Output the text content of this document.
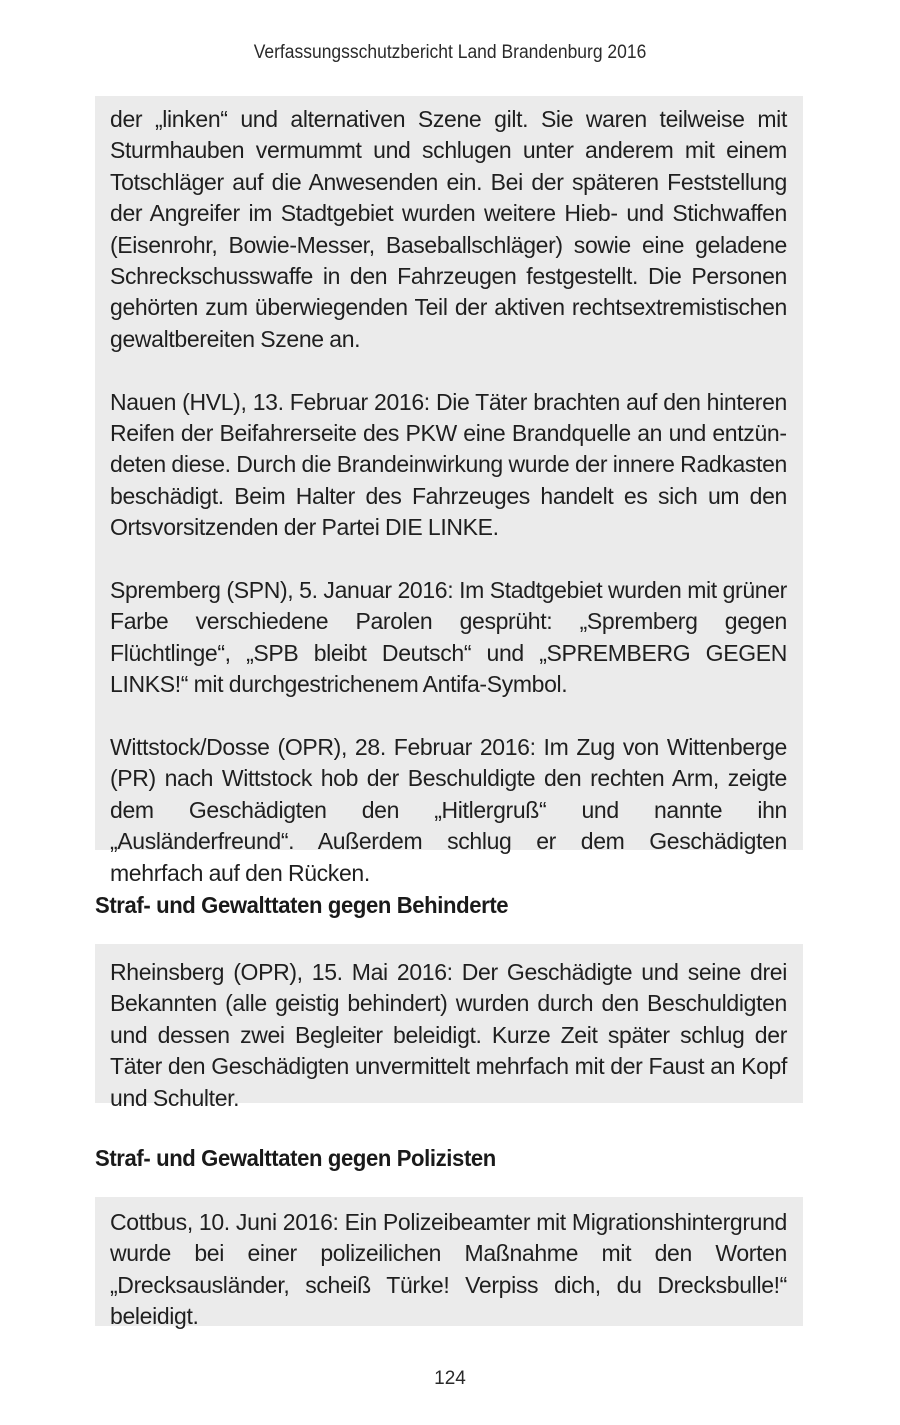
Verfassungsschutzbericht Land Brandenburg 2016

der „linken“ und alternativen Szene gilt. Sie waren teilweise mit Sturmhauben vermummt und schlugen unter anderem mit einem Totschläger auf die Anwesenden ein. Bei der späteren Feststellung der Angreifer im Stadtgebiet wurden weitere Hieb- und Stichwaffen (Eisenrohr, Bowie-Messer, Baseballschläger) sowie eine geladene Schreckschusswaffe in den Fahrzeugen festgestellt. Die Personen gehörten zum überwiegenden Teil der aktiven rechtsextremistischen gewaltbereiten Szene an.

Nauen (HVL), 13. Februar 2016: Die Täter brachten auf den hinteren Reifen der Beifahrerseite des PKW eine Brandquelle an und entzündeten diese. Durch die Brandeinwirkung wurde der innere Radkasten beschädigt. Beim Halter des Fahrzeuges handelt es sich um den Ortsvorsitzenden der Partei DIE LINKE.

Spremberg (SPN), 5. Januar 2016: Im Stadtgebiet wurden mit grüner Farbe verschiedene Parolen gesprüht: „Spremberg gegen Flüchtlinge“, „SPB bleibt Deutsch“ und „SPREMBERG GEGEN LINKS!“ mit durchgestrichenem Antifa-Symbol.

Wittstock/Dosse (OPR), 28. Februar 2016: Im Zug von Wittenberge (PR) nach Wittstock hob der Beschuldigte den rechten Arm, zeigte dem Geschädigten den „Hitlergruß“ und nannte ihn „Ausländerfreund“. Außerdem schlug er dem Geschädigten mehrfach auf den Rücken.

Straf- und Gewalttaten gegen Behinderte

Rheinsberg (OPR), 15. Mai 2016: Der Geschädigte und seine drei Bekannten (alle geistig behindert) wurden durch den Beschuldigten und dessen zwei Begleiter beleidigt. Kurze Zeit später schlug der Täter den Geschädigten unvermittelt mehrfach mit der Faust an Kopf und Schulter.

Straf- und Gewalttaten gegen Polizisten

Cottbus, 10. Juni 2016: Ein Polizeibeamter mit Migrationshintergrund wurde bei einer polizeilichen Maßnahme mit den Worten „Drecksausländer, scheiß Türke! Verpiss dich, du Drecksbulle!“ beleidigt.

124
